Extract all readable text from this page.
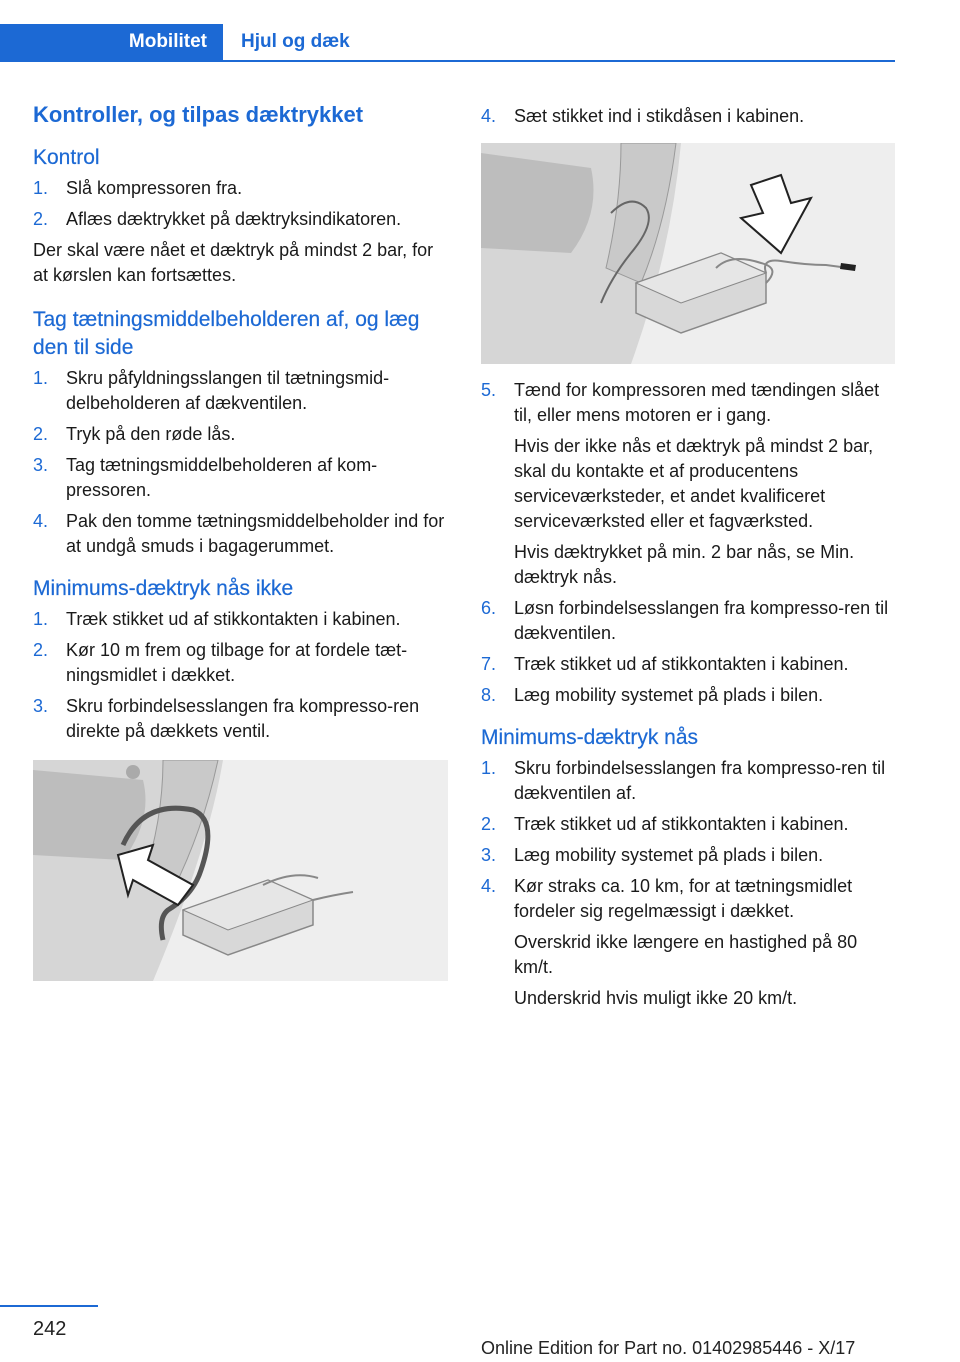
Mobilitet Hjul og dæk
Kontroller, og tilpas dæktrykket
Kontrol
1. Slå kompressoren fra.
2. Aflæs dæktrykket på dæktryksindikatoren.

Der skal være nået et dæktryk på mindst 2 bar, for at kørslen kan fortsættes.

Tag tætningsmiddelbeholderen af, og læg den til side
1. Skru påfyldningsslangen til tætningsmid-delbeholderen af dækventilen.
2. Tryk på den røde lås.
3. Tag tætningsmiddelbeholderen af kom-pressoren.
4. Pak den tomme tætningsmiddelbeholder ind for at undgå smuds i bagagerummet.
Minimums-dæktryk nås ikke
1. Træk stikket ud af stikkontakten i kabinen.
2. Kør 10 m frem og tilbage for at fordele tæt-ningsmidlet i dækket.
3. Skru forbindelsesslangen fra kompresso-ren direkte på dækkets ventil.
4. Sæt stikket ind i stikdåsen i kabinen.
5. Tænd for kompressoren med tændingen slået til, eller mens motoren er i gang.
Hvis der ikke nås et dæktryk på mindst 2 bar, skal du kontakte et af producentens serviceværksteder, et andet kvalificeret serviceværksted eller et fagværksted.
Hvis dæktrykket på min. 2 bar nås, se Min. dæktryk nås.
6. Løsn forbindelsesslangen fra kompresso-ren til dækventilen.
7. Træk stikket ud af stikkontakten i kabinen.
8. Læg mobility systemet på plads i bilen.
Minimums-dæktryk nås
1. Skru forbindelsesslangen fra kompresso-ren til dækventilen af.
2. Træk stikket ud af stikkontakten i kabinen.
3. Læg mobility systemet på plads i bilen.
4. Kør straks ca. 10 km, for at tætningsmidlet fordeler sig regelmæssigt i dækket.
Overskrid ikke længere en hastighed på 80 km/t.
Underskrid hvis muligt ikke 20 km/t.
242
Online Edition for Part no. 01402985446 - X/17
